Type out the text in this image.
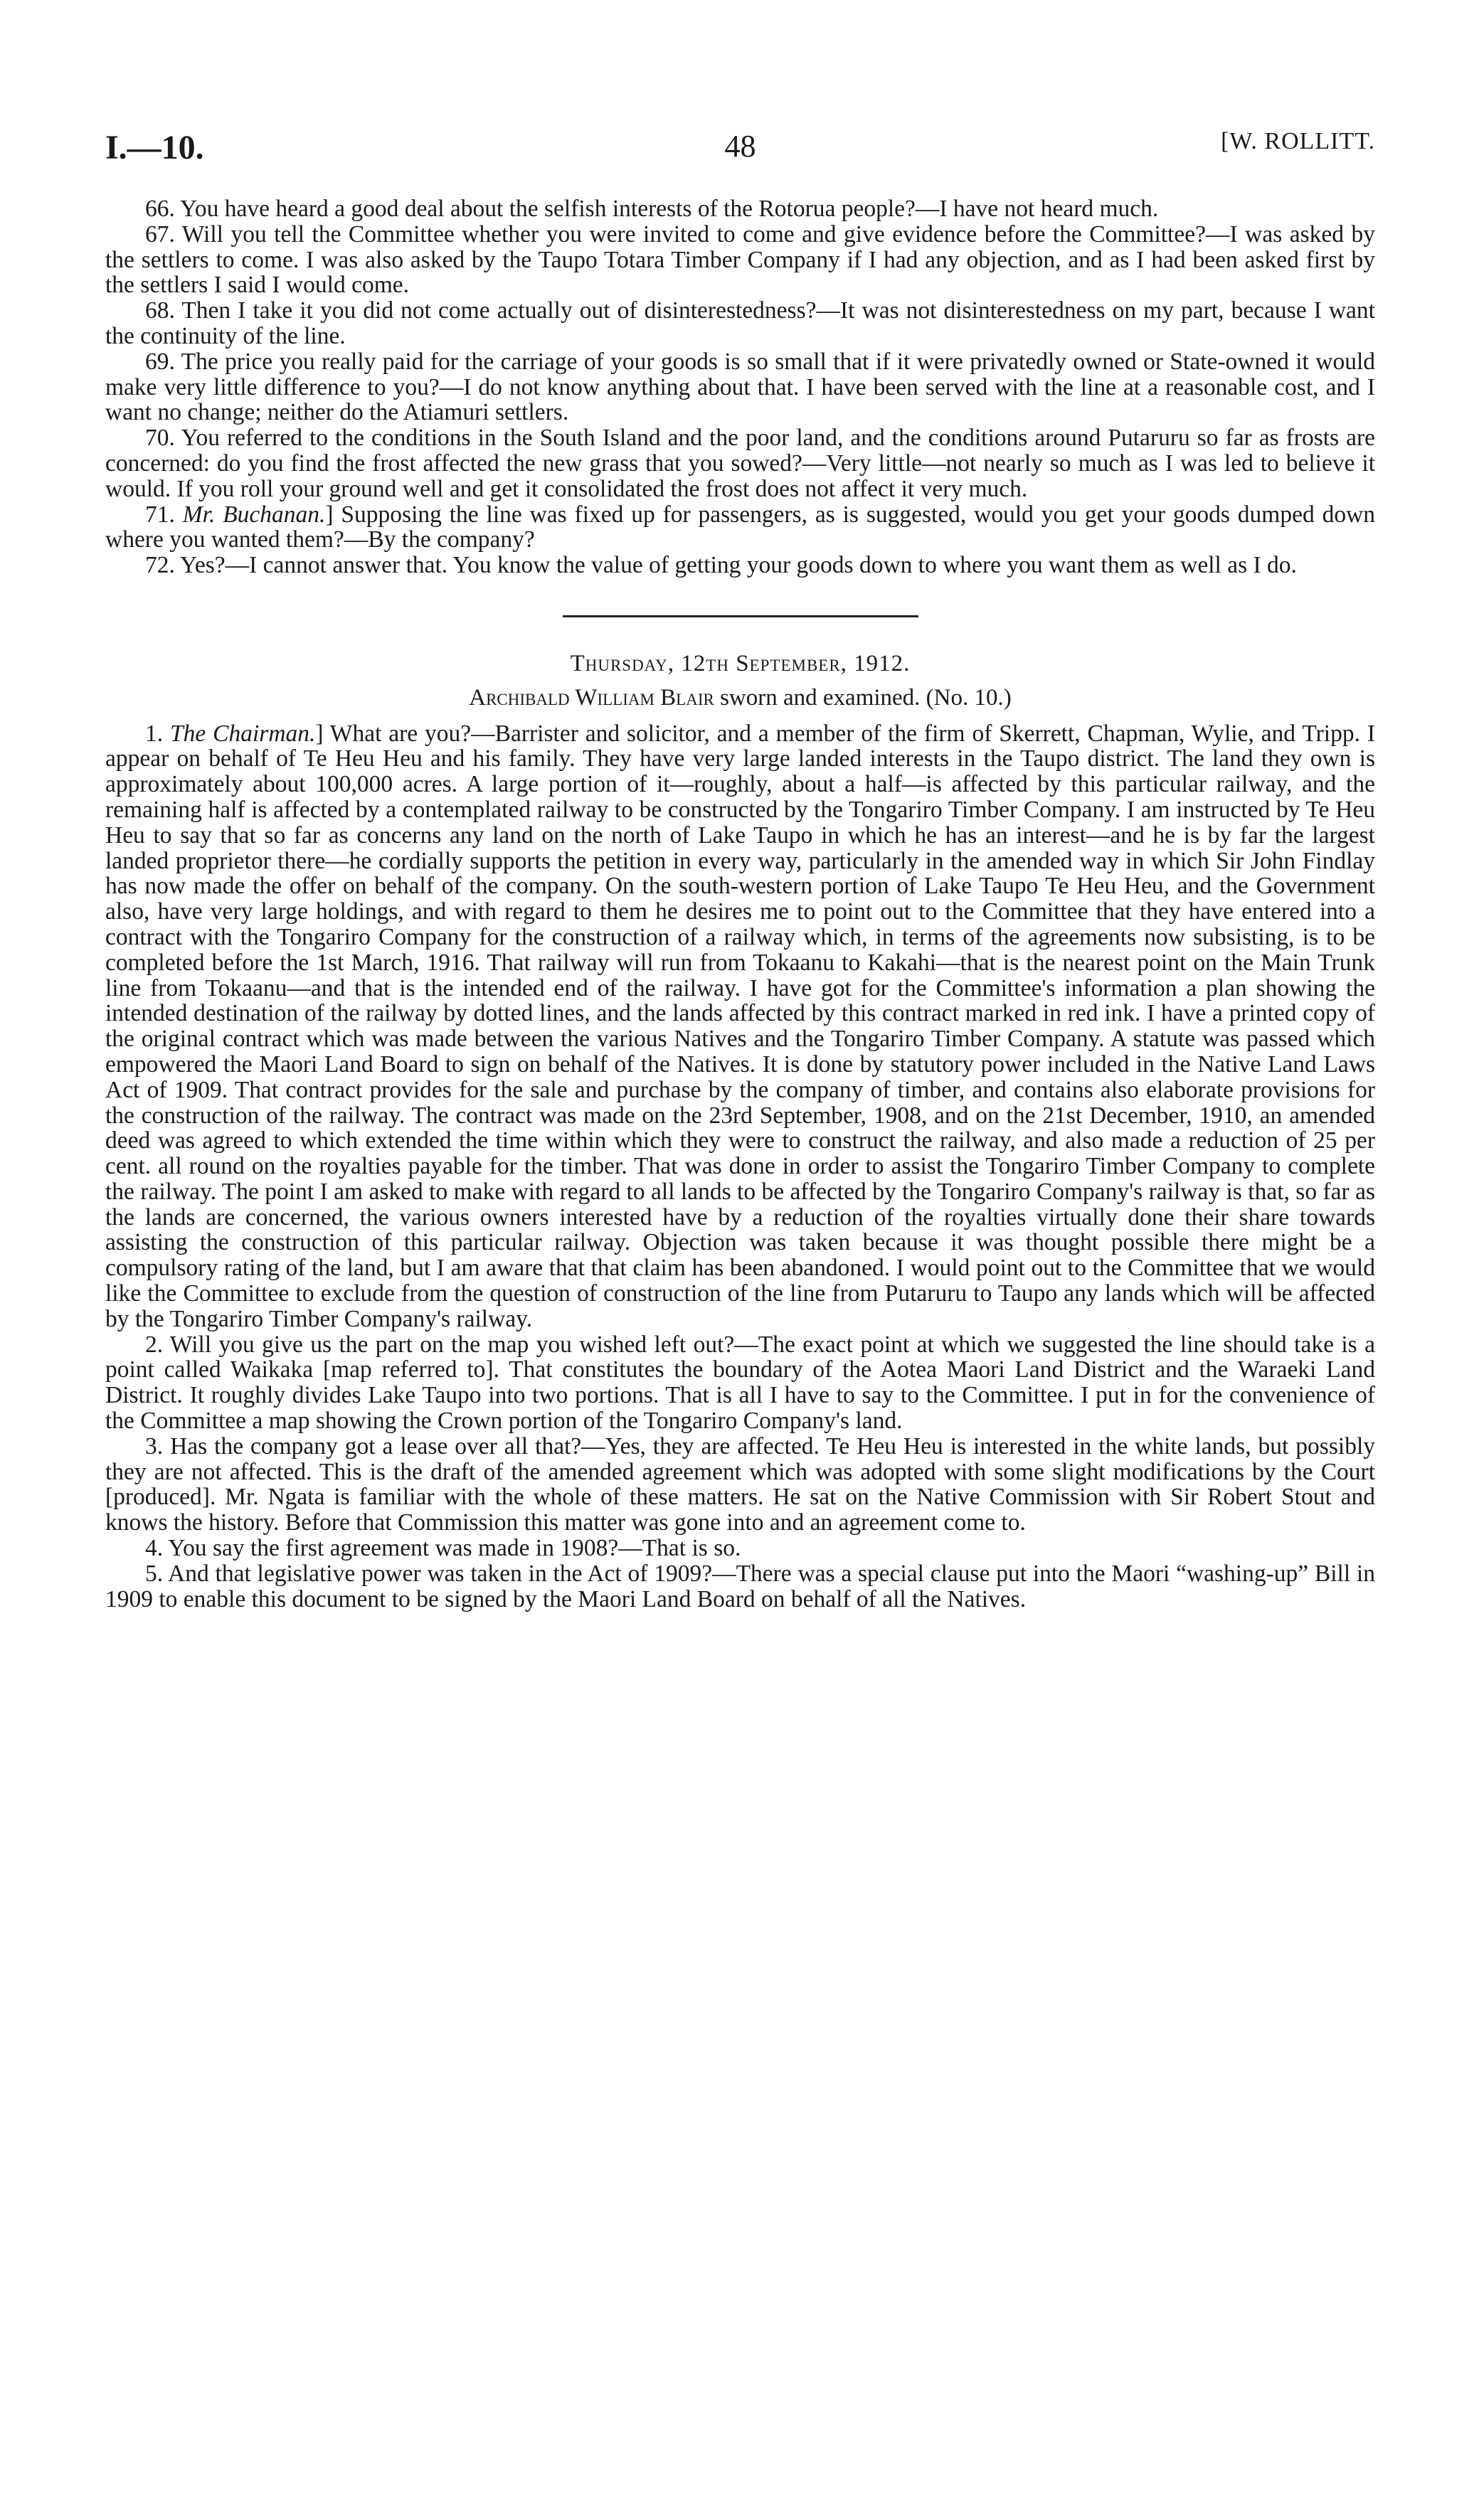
I.—10.	48	[W. ROLLITT.

66. You have heard a good deal about the selfish interests of the Rotorua people?—I have not heard much.

67. Will you tell the Committee whether you were invited to come and give evidence before the Committee?—I was asked by the settlers to come. I was also asked by the Taupo Totara Timber Company if I had any objection, and as I had been asked first by the settlers I said I would come.

68. Then I take it you did not come actually out of disinterestedness?—It was not disinterestedness on my part, because I want the continuity of the line.

69. The price you really paid for the carriage of your goods is so small that if it were privatedly owned or State-owned it would make very little difference to you?—I do not know anything about that. I have been served with the line at a reasonable cost, and I want no change; neither do the Atiamuri settlers.

70. You referred to the conditions in the South Island and the poor land, and the conditions around Putaruru so far as frosts are concerned: do you find the frost affected the new grass that you sowed?—Very little—not nearly so much as I was led to believe it would. If you roll your ground well and get it consolidated the frost does not affect it very much.

71. Mr. Buchanan.] Supposing the line was fixed up for passengers, as is suggested, would you get your goods dumped down where you wanted them?—By the company?

72. Yes?—I cannot answer that. You know the value of getting your goods down to where you want them as well as I do.

Thursday, 12th September, 1912.
Archibald William Blair sworn and examined. (No. 10.)

1. The Chairman.] What are you?—Barrister and solicitor, and a member of the firm of Skerrett, Chapman, Wylie, and Tripp. I appear on behalf of Te Heu Heu and his family. They have very large landed interests in the Taupo district. The land they own is approximately about 100,000 acres. A large portion of it—roughly, about a half—is affected by this particular railway, and the remaining half is affected by a contemplated railway to be constructed by the Tongariro Timber Company. I am instructed by Te Heu Heu to say that so far as concerns any land on the north of Lake Taupo in which he has an interest—and he is by far the largest landed proprietor there—he cordially supports the petition in every way, particularly in the amended way in which Sir John Findlay has now made the offer on behalf of the company. On the south-western portion of Lake Taupo Te Heu Heu, and the Government also, have very large holdings, and with regard to them he desires me to point out to the Committee that they have entered into a contract with the Tongariro Company for the construction of a railway which, in terms of the agreements now subsisting, is to be completed before the 1st March, 1916. That railway will run from Tokaanu to Kakahi—that is the nearest point on the Main Trunk line from Tokaanu—and that is the intended end of the railway. I have got for the Committee's information a plan showing the intended destination of the railway by dotted lines, and the lands affected by this contract marked in red ink. I have a printed copy of the original contract which was made between the various Natives and the Tongariro Timber Company. A statute was passed which empowered the Maori Land Board to sign on behalf of the Natives. It is done by statutory power included in the Native Land Laws Act of 1909. That contract provides for the sale and purchase by the company of timber, and contains also elaborate provisions for the construction of the railway. The contract was made on the 23rd September, 1908, and on the 21st December, 1910, an amended deed was agreed to which extended the time within which they were to construct the railway, and also made a reduction of 25 per cent. all round on the royalties payable for the timber. That was done in order to assist the Tongariro Timber Company to complete the railway. The point I am asked to make with regard to all lands to be affected by the Tongariro Company's railway is that, so far as the lands are concerned, the various owners interested have by a reduction of the royalties virtually done their share towards assisting the construction of this particular railway. Objection was taken because it was thought possible there might be a compulsory rating of the land, but I am aware that that claim has been abandoned. I would point out to the Committee that we would like the Committee to exclude from the question of construction of the line from Putaruru to Taupo any lands which will be affected by the Tongariro Timber Company's railway.

2. Will you give us the part on the map you wished left out?—The exact point at which we suggested the line should take is a point called Waikaka [map referred to]. That constitutes the boundary of the Aotea Maori Land District and the Waraeki Land District. It roughly divides Lake Taupo into two portions. That is all I have to say to the Committee. I put in for the convenience of the Committee a map showing the Crown portion of the Tongariro Company's land.

3. Has the company got a lease over all that?—Yes, they are affected. Te Heu Heu is interested in the white lands, but possibly they are not affected. This is the draft of the amended agreement which was adopted with some slight modifications by the Court [produced]. Mr. Ngata is familiar with the whole of these matters. He sat on the Native Commission with Sir Robert Stout and knows the history. Before that Commission this matter was gone into and an agreement come to.

4. You say the first agreement was made in 1908?—That is so.

5. And that legislative power was taken in the Act of 1909?—There was a special clause put into the Maori “washing-up” Bill in 1909 to enable this document to be signed by the Maori Land Board on behalf of all the Natives.
